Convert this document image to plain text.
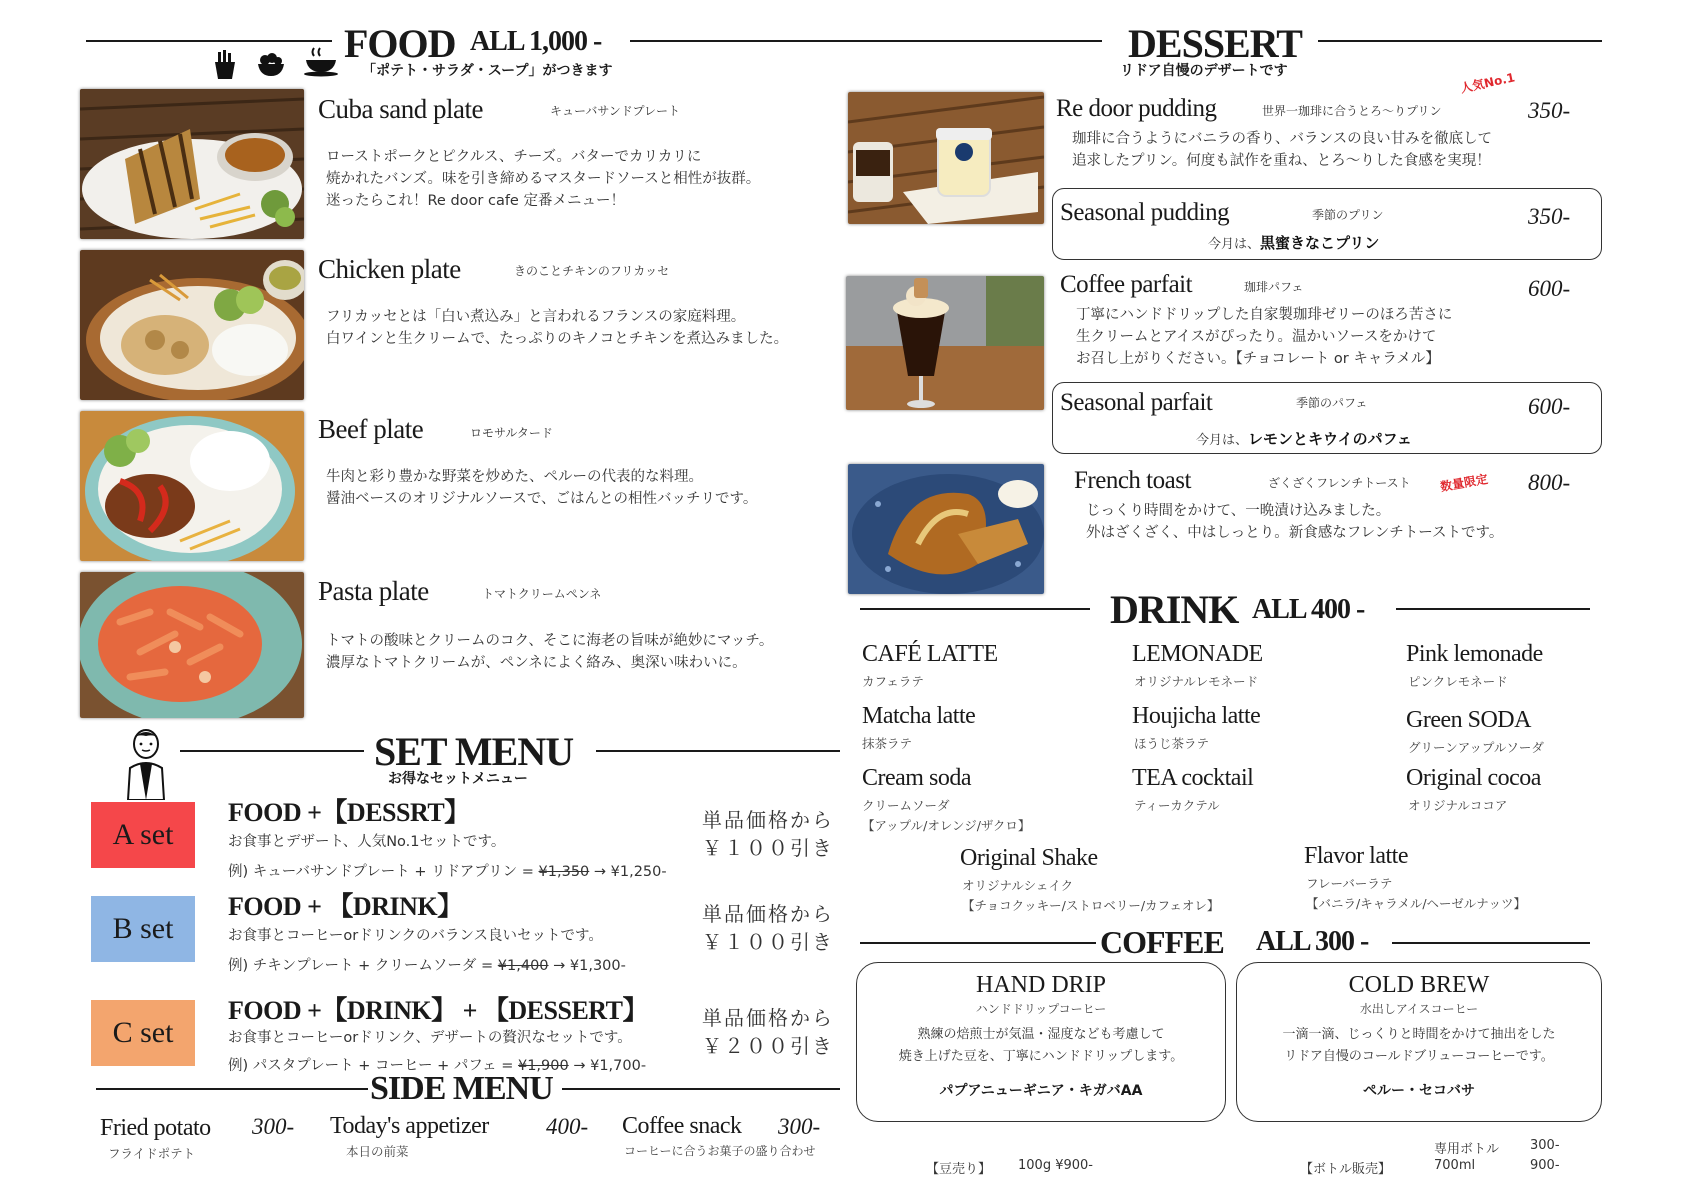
FOOD ALL 1,000 -
「ポテト・サラダ・スープ」がつきます
Cuba sand plate	キューバサンドプレート
ローストポークとピクルス、チーズ。バターでカリカリに
焼かれたバンズ。味を引き締めるマスタードソースと相性が抜群。
迷ったらこれ！Re door cafe 定番メニュー！
Chicken plate	きのことチキンのフリカッセ
フリカッセとは「白い煮込み」と言われるフランスの家庭料理。
白ワインと生クリームで、たっぷりのキノコとチキンを煮込みました。
Beef plate	ロモサルタード
牛肉と彩り豊かな野菜を炒めた、ペルーの代表的な料理。
醤油ベースのオリジナルソースで、ごはんとの相性バッチリです。
Pasta plate	トマトクリームペンネ
トマトの酸味とクリームのコク、そこに海老の旨味が絶妙にマッチ。
濃厚なトマトクリームが、ペンネによく絡み、奥深い味わいに。
SET MENU
お得なセットメニュー
A set
FOOD +【DESSRT】
お食事とデザート、人気No.1セットです。
例) キューバサンドプレート + リドアプリン = ¥1,350 → ¥1,250-
単品価格から
￥１００引き
B set
FOOD + 【DRINK】
お食事とコーヒーorドリンクのバランス良いセットです。
例) チキンプレート + クリームソーダ = ¥1,400 → ¥1,300-
単品価格から
￥１００引き
C set
FOOD +【DRINK】 + 【DESSERT】
お食事とコーヒーorドリンク、デザートの贅沢なセットです。
例) パスタプレート + コーヒー + パフェ = ¥1,900 → ¥1,700-
単品価格から
￥２００引き
SIDE MENU
Fried potato 300-
フライドポテト
Today's appetizer 400-
本日の前菜
Coffee snack 300-
コーヒーに合うお菓子の盛り合わせ
DESSERT
リドア自慢のデザートです	人気No.1
Re door pudding	世界一珈琲に合うとろ〜りプリン	350-
珈琲に合うようにバニラの香り、バランスの良い甘みを徹底して
追求したプリン。何度も試作を重ね、とろ〜りした食感を実現！
Seasonal pudding	季節のプリン	350-
今月は、黒蜜きなこプリン
Coffee parfait	珈琲パフェ	600-
丁寧にハンドドリップした自家製珈琲ゼリーのほろ苦さに
生クリームとアイスがぴったり。温かいソースをかけて
お召し上がりください。【チョコレート or キャラメル】
Seasonal parfait	季節のパフェ	600-
今月は、レモンとキウイのパフェ
French toast	ざくざくフレンチトースト 数量限定 800-
じっくり時間をかけて、一晩漬け込みました。
外はざくざく、中はしっとり。新食感なフレンチトーストです。
DRINK ALL 400 -
CAFÉ LATTE
カフェラテ
LEMONADE
オリジナルレモネード
Pink lemonade
ピンクレモネード
Matcha latte
抹茶ラテ
Houjicha latte
ほうじ茶ラテ
Green SODA
グリーンアップルソーダ
Cream soda
クリームソーダ
【アップル/オレンジ/ザクロ】
TEA cocktail
ティーカクテル
Original cocoa
オリジナルココア
Original Shake
オリジナルシェイク
【チョコクッキー/ストロベリー/カフェオレ】
Flavor latte
フレーバーラテ
【バニラ/キャラメル/ヘーゼルナッツ】
COFFEE ALL 300 -
HAND DRIP
ハンドドリップコーヒー
熟練の焙煎士が気温・湿度なども考慮して
焼き上げた豆を、丁寧にハンドドリップします。
パプアニューギニア・キガバAA
COLD BREW
水出しアイスコーヒー
一滴一滴、じっくりと時間をかけて抽出をした
リドア自慢のコールドブリューコーヒーです。
ペルー・セコバサ
【豆売り】 100g ¥900-	【ボトル販売】
専用ボトル 300-
700ml	900-
